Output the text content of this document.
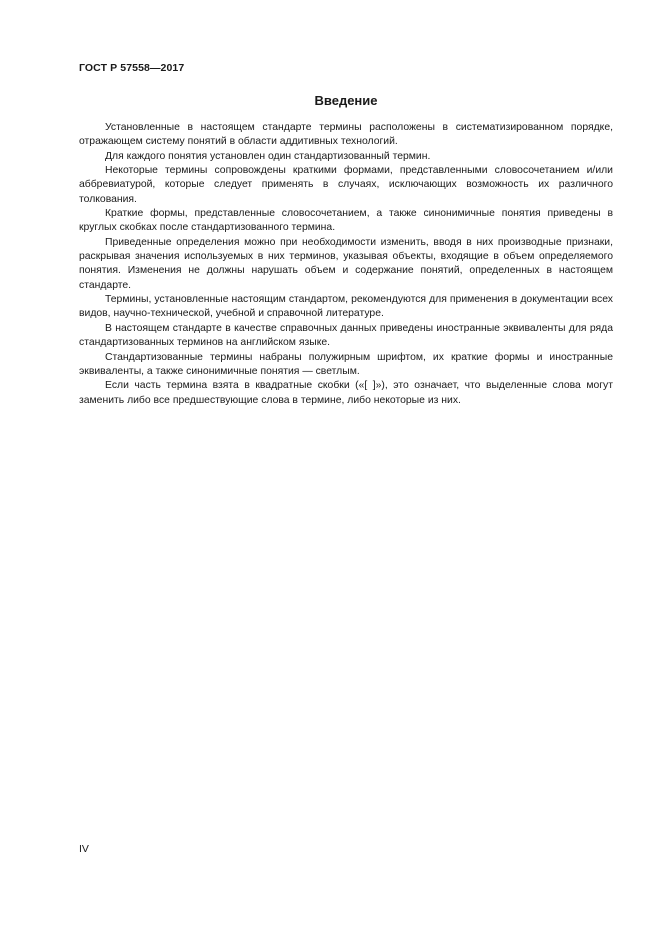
ГОСТ Р 57558—2017
Введение

Установленные в настоящем стандарте термины расположены в систематизированном порядке, отражающем систему понятий в области аддитивных технологий.

Для каждого понятия установлен один стандартизованный термин.

Некоторые термины сопровождены краткими формами, представленными словосочетанием и/или аббревиатурой, которые следует применять в случаях, исключающих возможность их различного толкования.

Краткие формы, представленные словосочетанием, а также синонимичные понятия приведены в круглых скобках после стандартизованного термина.

Приведенные определения можно при необходимости изменить, вводя в них производные признаки, раскрывая значения используемых в них терминов, указывая объекты, входящие в объем определяемого понятия. Изменения не должны нарушать объем и содержание понятий, определенных в настоящем стандарте.

Термины, установленные настоящим стандартом, рекомендуются для применения в документации всех видов, научно-технической, учебной и справочной литературе.

В настоящем стандарте в качестве справочных данных приведены иностранные эквиваленты для ряда стандартизованных терминов на английском языке.

Стандартизованные термины набраны полужирным шрифтом, их краткие формы и иностранные эквиваленты, а также синонимичные понятия — светлым.

Если часть термина взята в квадратные скобки («[ ]»), это означает, что выделенные слова могут заменить либо все предшествующие слова в термине, либо некоторые из них.

IV
